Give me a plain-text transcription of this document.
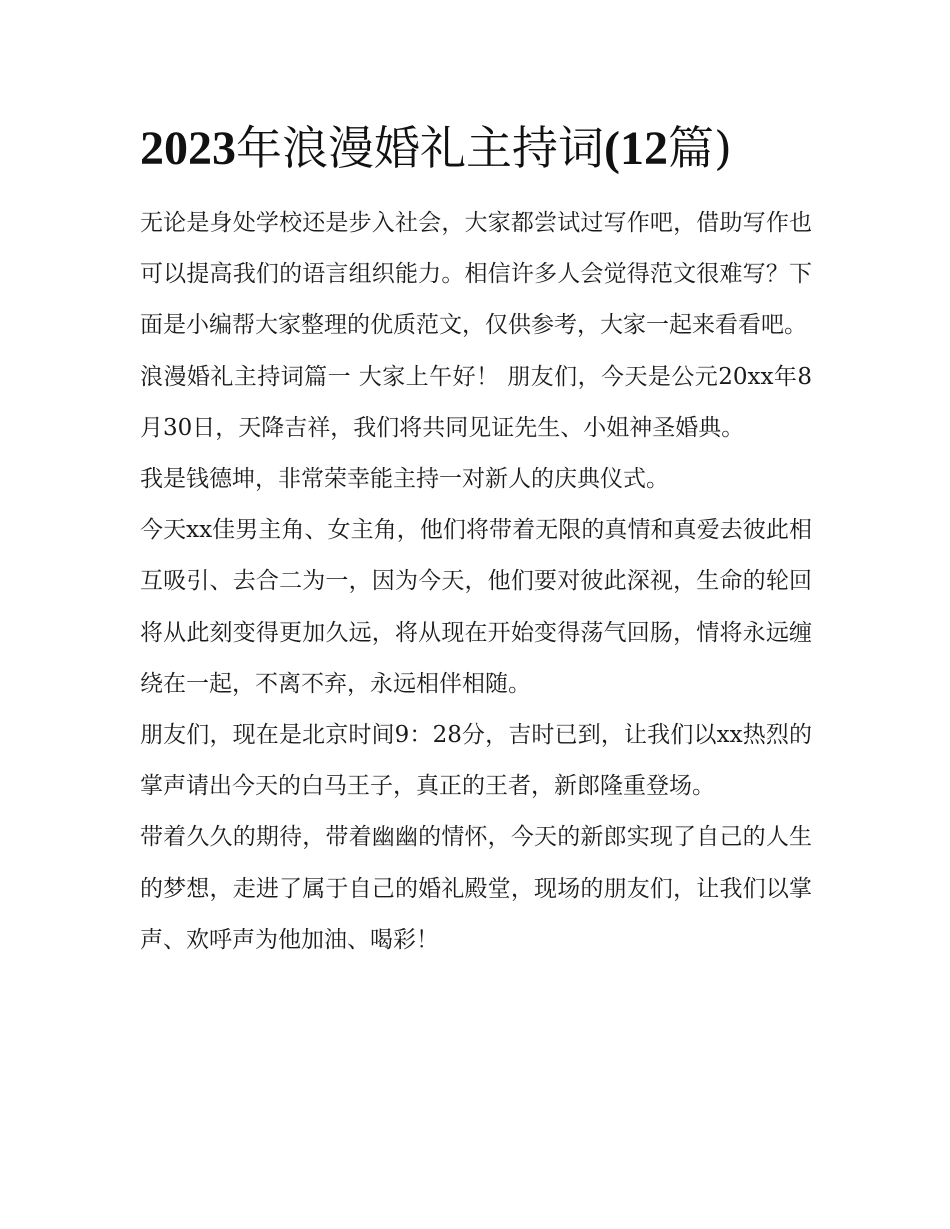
2023年浪漫婚礼主持词(12篇)

无论是身处学校还是步入社会，大家都尝试过写作吧，借助写作也可以提高我们的语言组织能力。相信许多人会觉得范文很难写？下面是小编帮大家整理的优质范文，仅供参考，大家一起来看看吧。

浪漫婚礼主持词篇一 大家上午好！ 朋友们，今天是公元20xx年8月30日，天降吉祥，我们将共同见证先生、小姐神圣婚典。

我是钱德坤，非常荣幸能主持一对新人的庆典仪式。

今天xx佳男主角、女主角，他们将带着无限的真情和真爱去彼此相互吸引、去合二为一，因为今天，他们要对彼此深视，生命的轮回将从此刻变得更加久远，将从现在开始变得荡气回肠，情将永远缠绕在一起，不离不弃，永远相伴相随。

朋友们，现在是北京时间9：28分，吉时已到，让我们以xx热烈的掌声请出今天的白马王子，真正的王者，新郎隆重登场。

带着久久的期待，带着幽幽的情怀，今天的新郎实现了自己的人生的梦想，走进了属于自己的婚礼殿堂，现场的朋友们，让我们以掌声、欢呼声为他加油、喝彩！
